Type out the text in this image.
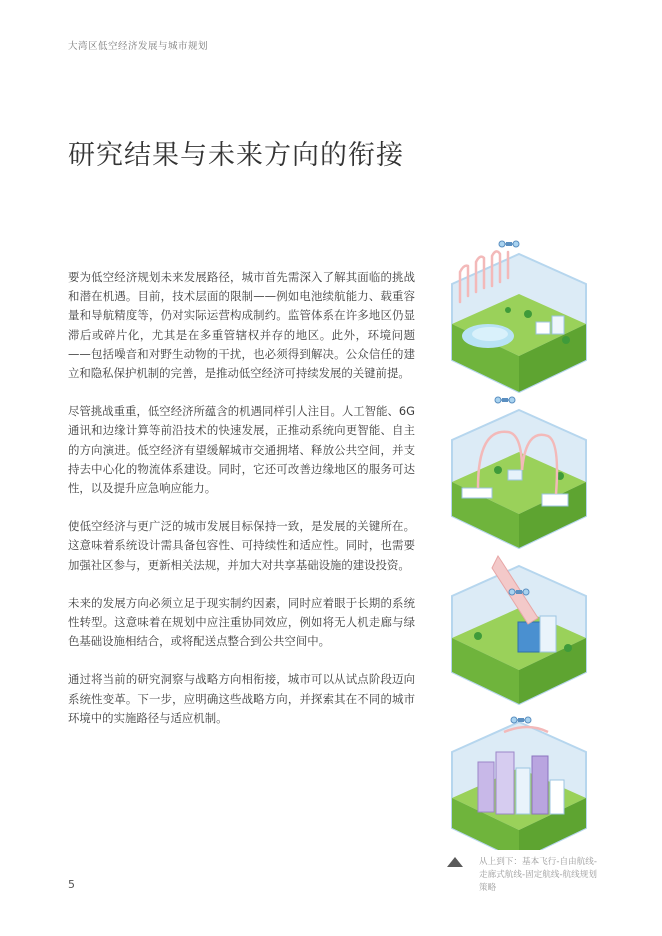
大湾区低空经济发展与城市规划
研究结果与未来方向的衔接

要为低空经济规划未来发展路径，城市首先需深入了解其面临的挑战和潜在机遇。目前，技术层面的限制——例如电池续航能力、载重容量和导航精度等，仍对实际运营构成制约。监管体系在许多地区仍显滞后或碎片化，尤其是在多重管辖权并存的地区。此外，环境问题——包括噪音和对野生动物的干扰，也必须得到解决。公众信任的建立和隐私保护机制的完善，是推动低空经济可持续发展的关键前提。

尽管挑战重重，低空经济所蕴含的机遇同样引人注目。人工智能、6G通讯和边缘计算等前沿技术的快速发展，正推动系统向更智能、自主的方向演进。低空经济有望缓解城市交通拥堵、释放公共空间，并支持去中心化的物流体系建设。同时，它还可改善边缘地区的服务可达性，以及提升应急响应能力。

使低空经济与更广泛的城市发展目标保持一致，是发展的关键所在。这意味着系统设计需具备包容性、可持续性和适应性。同时，也需要加强社区参与，更新相关法规，并加大对共享基础设施的建设投资。

未来的发展方向必须立足于现实制约因素，同时应着眼于长期的系统性转型。这意味着在规划中应注重协同效应，例如将无人机走廊与绿色基础设施相结合，或将配送点整合到公共空间中。

通过将当前的研究洞察与战略方向相衔接，城市可以从试点阶段迈向系统性变革。下一步，应明确这些战略方向，并探索其在不同的城市环境中的实施路径与适应机制。

从上到下：基本飞行-自由航线-走廊式航线-固定航线-航线规划策略
5
